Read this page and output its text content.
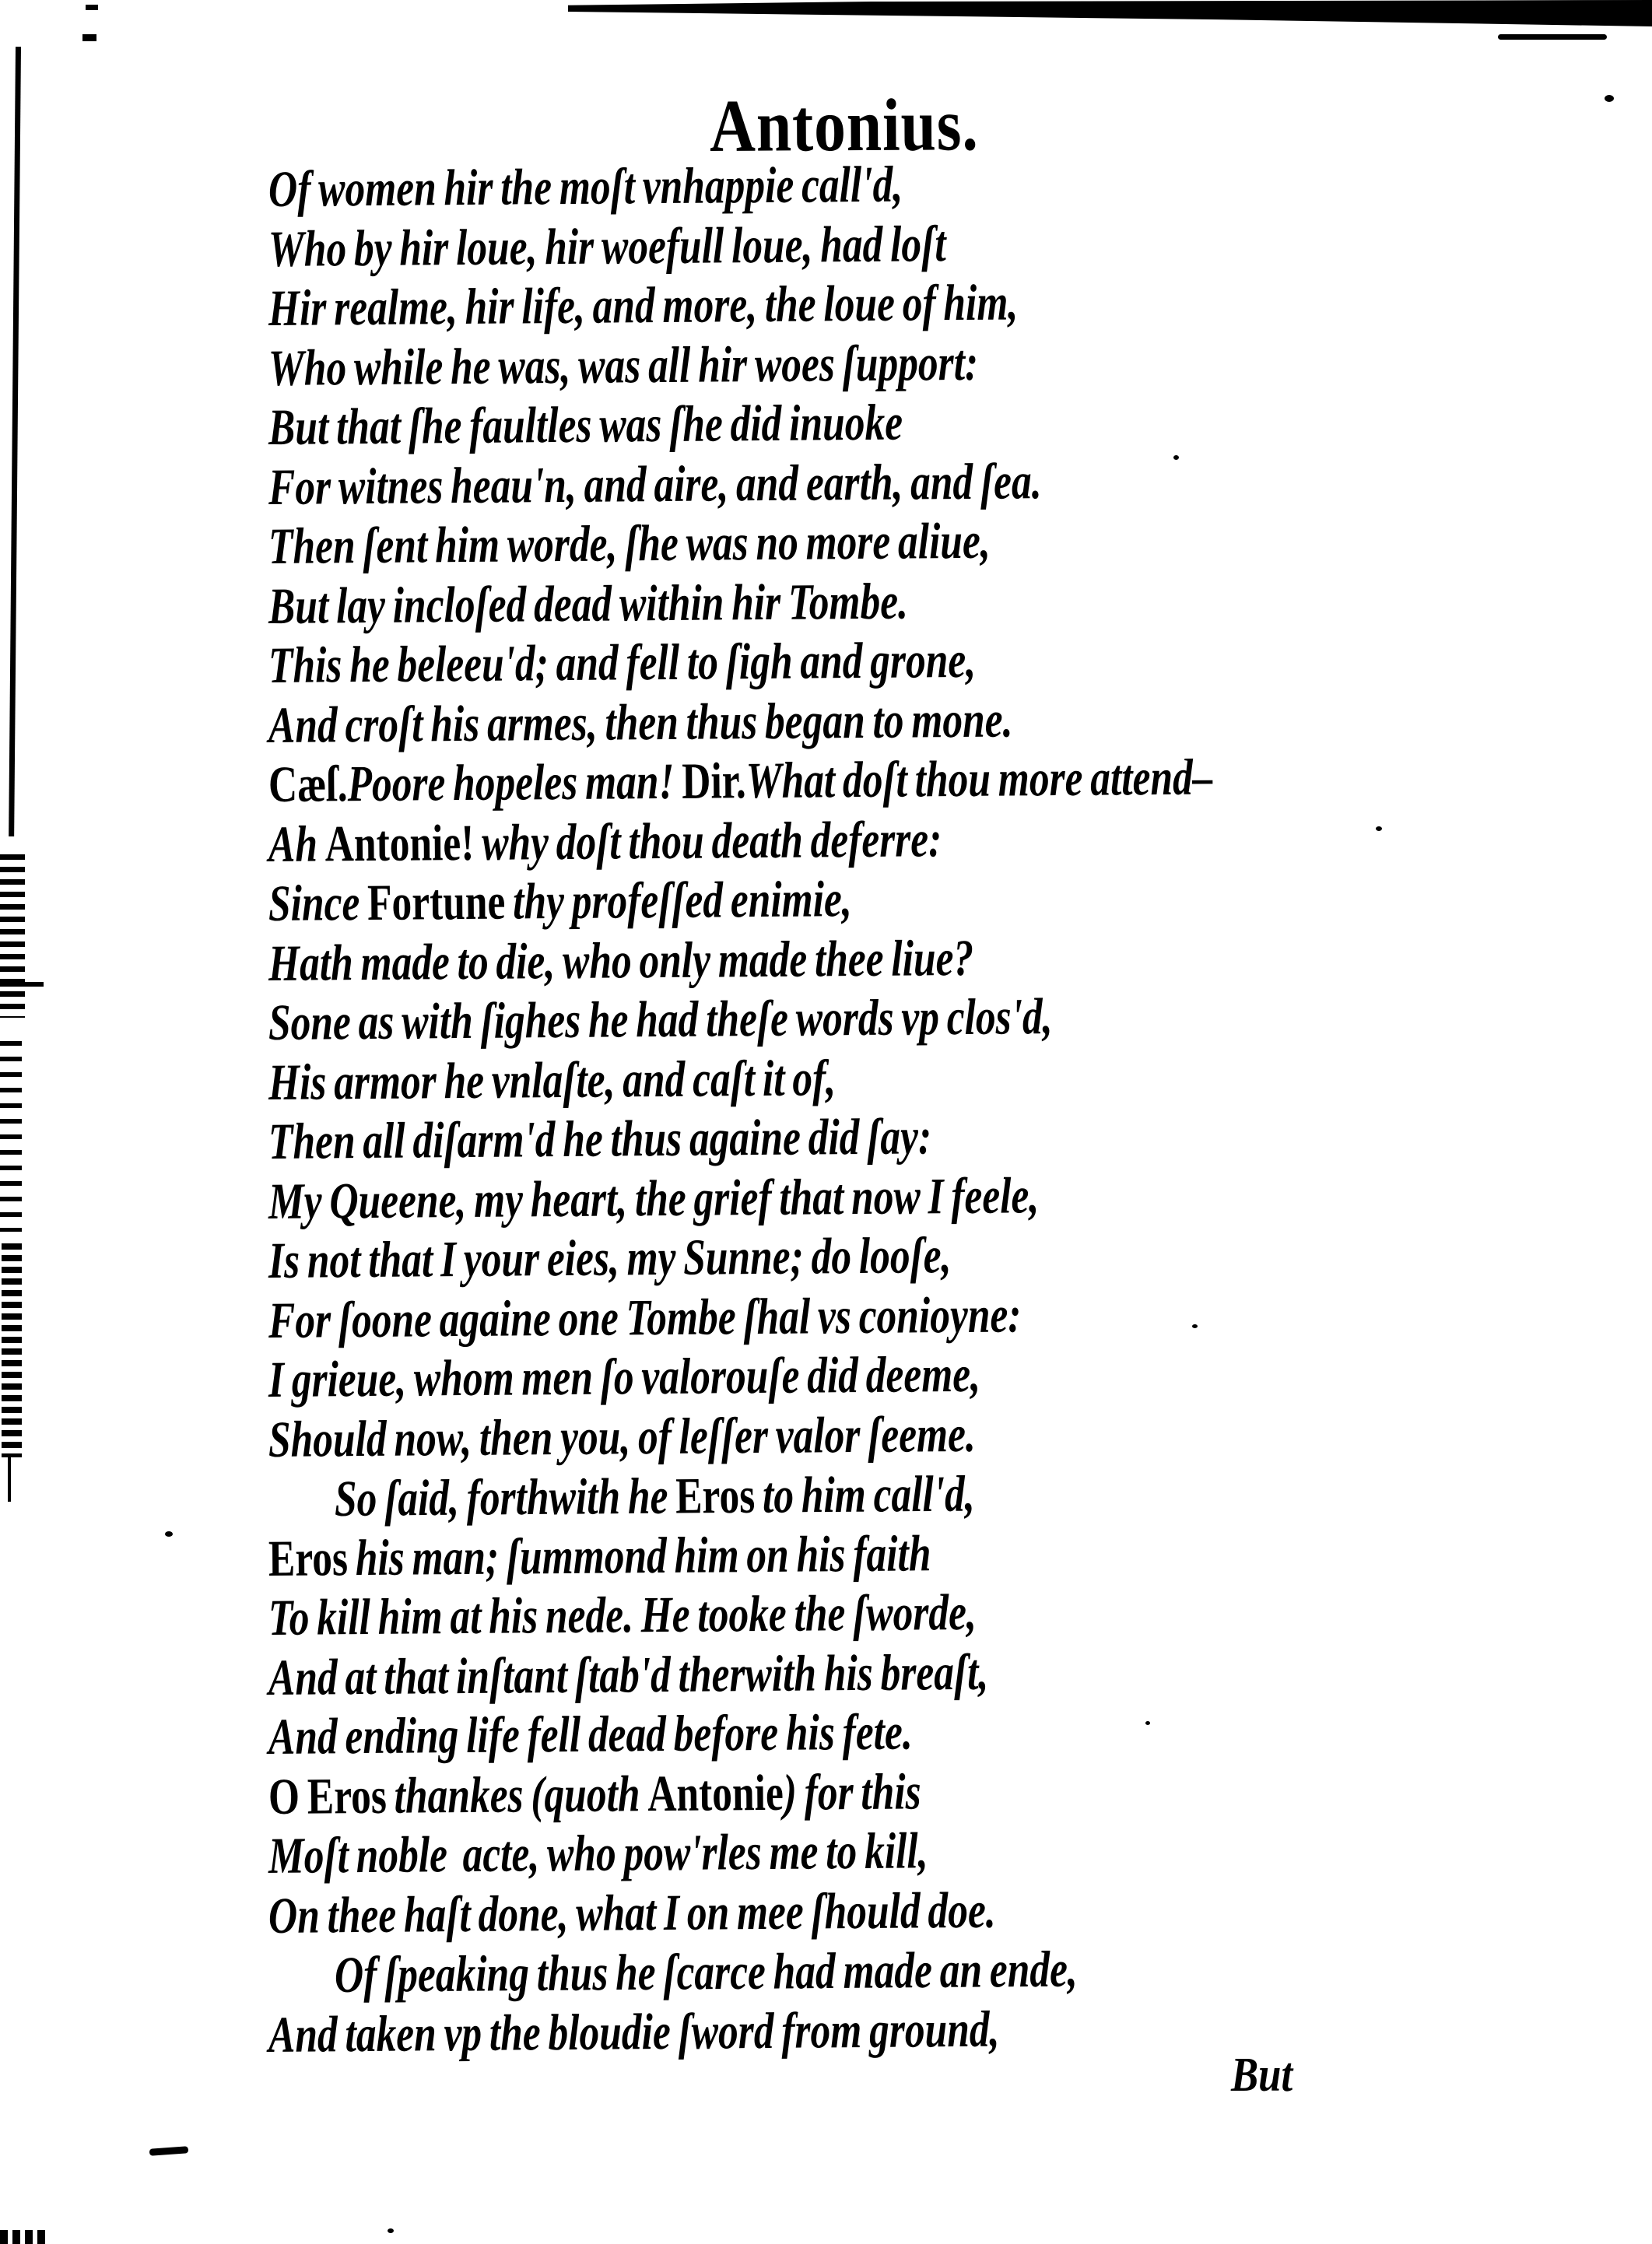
Antonius.
Of women hir the moſt vnhappie call'd,
Who by hir loue, hir woefull loue, had loſt
Hir realme, hir life, and more, the loue of him,
Who while he was, was all hir woes ſupport:
But that ſhe faultles was ſhe did inuoke
For witnes heau'n, and aire, and earth, and ſea.
Then ſent him worde, ſhe was no more aliue,
But lay incloſed dead within hir Tombe.
This he beleeu'd; and fell to ſigh and grone,
And croſt his armes, then thus began to mone.
Cæſ.Poore hopeles man! Dir.What doſt thou more attend–
Ah Antonie! why doſt thou death deferre:
Since Fortune thy profeſſed enimie,
Hath made to die, who only made thee liue?
Sone as with ſighes he had theſe words vp clos'd,
His armor he vnlaſte, and caſt it of,
Then all diſarm'd he thus againe did ſay:
My Queene, my heart, the grief that now I feele,
Is not that I your eies, my Sunne; do looſe,
For ſoone againe one Tombe ſhal vs conioyne:
I grieue, whom men ſo valorouſe did deeme,
Should now, then you, of leſſer valor ſeeme.
So ſaid, forthwith he Eros to him call'd,
Eros his man; ſummond him on his faith
To kill him at his nede. He tooke the ſworde,
And at that inſtant ſtab'd therwith his breaſt,
And ending life fell dead before his fete.
O Eros thankes (quoth Antonie) for this
Moſt noble  acte, who pow'rles me to kill,
On thee haſt done, what I on mee ſhould doe.
Of ſpeaking thus he ſcarce had made an ende,
And taken vp the bloudie ſword from ground,
But
